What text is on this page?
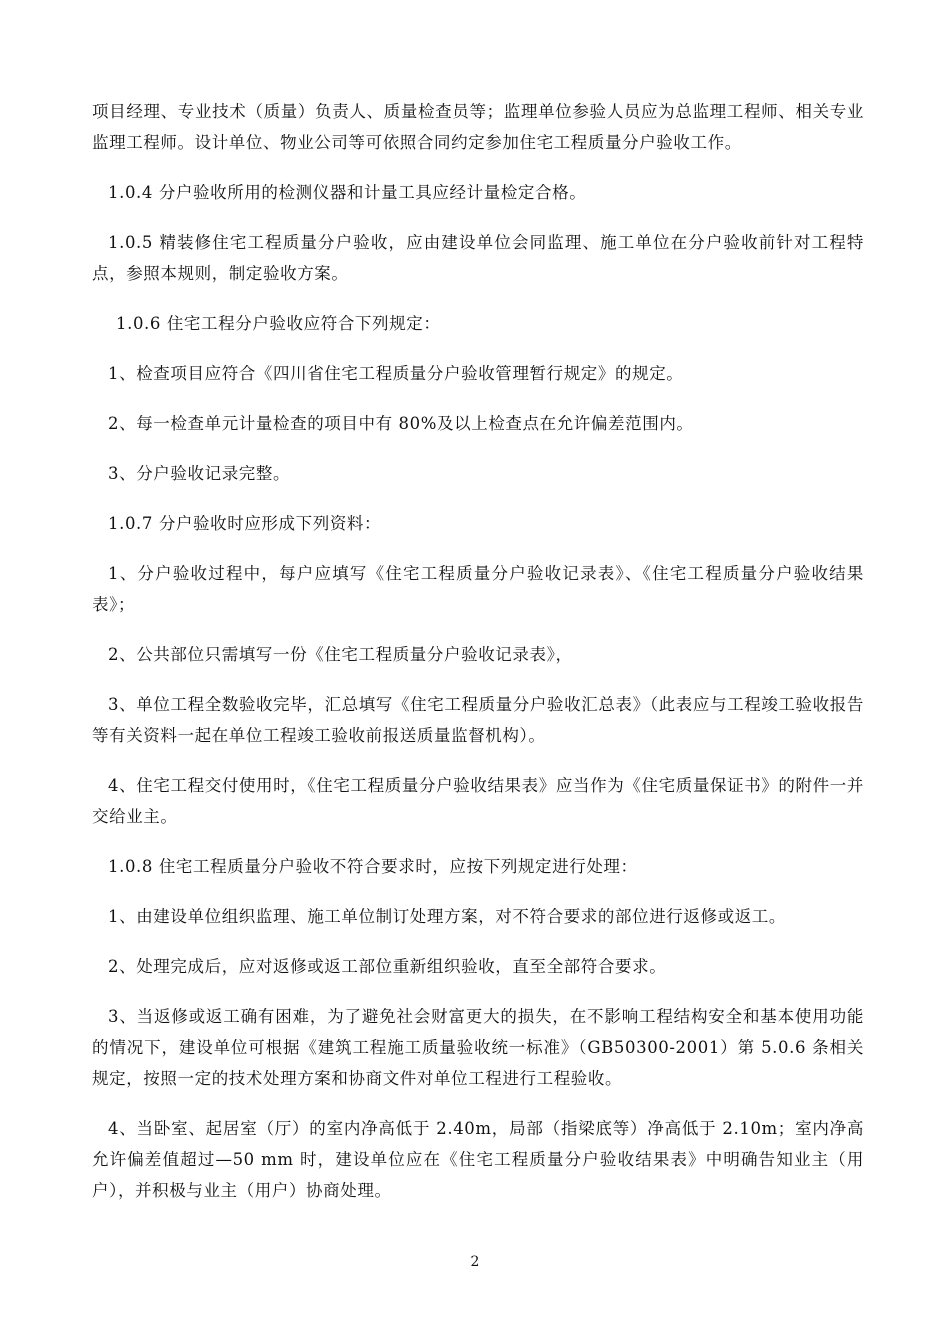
项目经理、专业技术（质量）负责人、质量检查员等；监理单位参验人员应为总监理工程师、相关专业监理工程师。设计单位、物业公司等可依照合同约定参加住宅工程质量分户验收工作。

1.0.4 分户验收所用的检测仪器和计量工具应经计量检定合格。

1.0.5 精装修住宅工程质量分户验收，应由建设单位会同监理、施工单位在分户验收前针对工程特点，参照本规则，制定验收方案。

1.0.6 住宅工程分户验收应符合下列规定：

1、检查项目应符合《四川省住宅工程质量分户验收管理暂行规定》的规定。

2、每一检查单元计量检查的项目中有 80%及以上检查点在允许偏差范围内。

3、分户验收记录完整。

1.0.7 分户验收时应形成下列资料：

1、分户验收过程中，每户应填写《住宅工程质量分户验收记录表》、《住宅工程质量分户验收结果表》；

2、公共部位只需填写一份《住宅工程质量分户验收记录表》，

3、单位工程全数验收完毕，汇总填写《住宅工程质量分户验收汇总表》（此表应与工程竣工验收报告等有关资料一起在单位工程竣工验收前报送质量监督机构）。

4、住宅工程交付使用时，《住宅工程质量分户验收结果表》应当作为《住宅质量保证书》的附件一并交给业主。

1.0.8 住宅工程质量分户验收不符合要求时，应按下列规定进行处理：

1、由建设单位组织监理、施工单位制订处理方案，对不符合要求的部位进行返修或返工。

2、处理完成后，应对返修或返工部位重新组织验收，直至全部符合要求。

3、当返修或返工确有困难，为了避免社会财富更大的损失，在不影响工程结构安全和基本使用功能的情况下，建设单位可根据《建筑工程施工质量验收统一标准》（GB50300-2001）第 5.0.6 条相关规定，按照一定的技术处理方案和协商文件对单位工程进行工程验收。

4、当卧室、起居室（厅）的室内净高低于 2.40m，局部（指梁底等）净高低于 2.10m；室内净高允许偏差值超过—50 mm 时，建设单位应在《住宅工程质量分户验收结果表》中明确告知业主（用户），并积极与业主（用户）协商处理。

2
